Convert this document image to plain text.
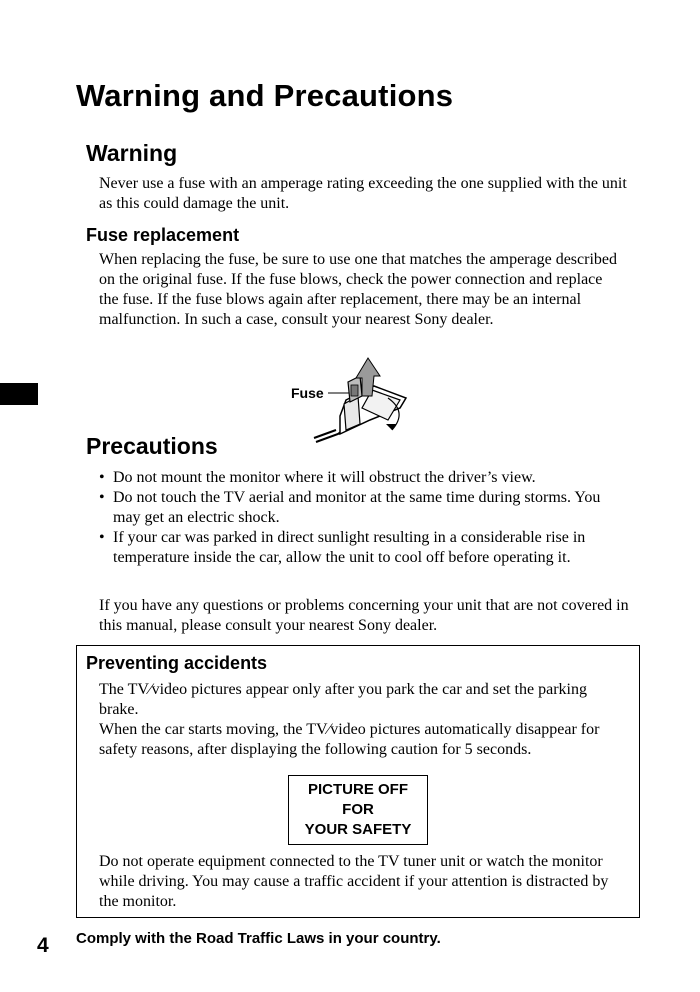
Warning and Precautions
Warning

Never use a fuse with an amperage rating exceeding the one supplied with the unit as this could damage the unit.

Fuse replacement

When replacing the fuse, be sure to use one that matches the amperage described on the original fuse. If the fuse blows, check the power connection and replace the fuse. If the fuse blows again after replacement, there may be an internal malfunction. In such a case, consult your nearest Sony dealer.

Fuse
Precautions
• Do not mount the monitor where it will obstruct the driver’s view.
• Do not touch the TV aerial and monitor at the same time during storms. You may get an electric shock.
• If your car was parked in direct sunlight resulting in a considerable rise in temperature inside the car, allow the unit to cool off before operating it.

If you have any questions or problems concerning your unit that are not covered in this manual, please consult your nearest Sony dealer.

Preventing accidents
The TV∕video pictures appear only after you park the car and set the parking brake.
When the car starts moving, the TV∕video pictures automatically disappear for safety reasons, after displaying the following caution for 5 seconds.
PICTURE OFF
FOR
YOUR SAFETY

Do not operate equipment connected to the TV tuner unit or watch the monitor while driving. You may cause a traffic accident if your attention is distracted by the monitor.

4 Comply with the Road Traffic Laws in your country.
